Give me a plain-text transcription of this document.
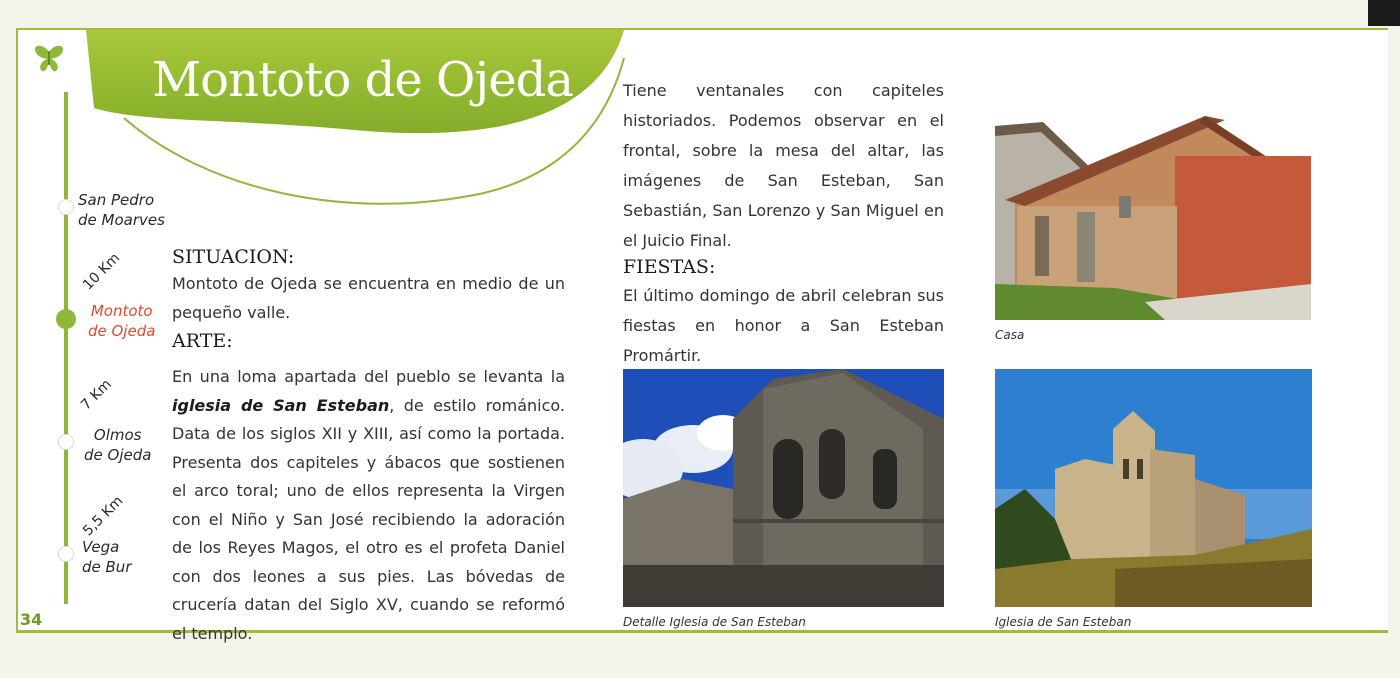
Montoto de Ojeda
San Pedro
de Moarves
10 Km
Montoto
de Ojeda
7 Km
Olmos
de Ojeda
5,5 Km
Vega
de Bur
34
SITUACION:
Montoto de Ojeda se encuentra en medio de un pequeño valle.
ARTE:
En una loma apartada del pueblo se levanta la iglesia de San Esteban, de estilo románico. Data de los siglos XII y XIII, así como la portada. Presenta dos capiteles y ábacos que sostienen el arco toral; uno de ellos representa la Virgen con el Niño y San José recibiendo la adoración de los Reyes Magos, el otro es el profeta Daniel con dos leones a sus pies. Las bóvedas de crucería datan del Siglo XV, cuando se reformó el templo.
Tiene ventanales con capiteles historiados. Podemos observar en el frontal, sobre la mesa del altar, las imágenes de San Esteban, San Sebastián, San Lorenzo y San Miguel en el Juicio Final.
FIESTAS:
El último domingo de abril celebran sus fiestas en honor a San Esteban Promártir.
Casa
Detalle Iglesia de San Esteban	Iglesia de San Esteban
